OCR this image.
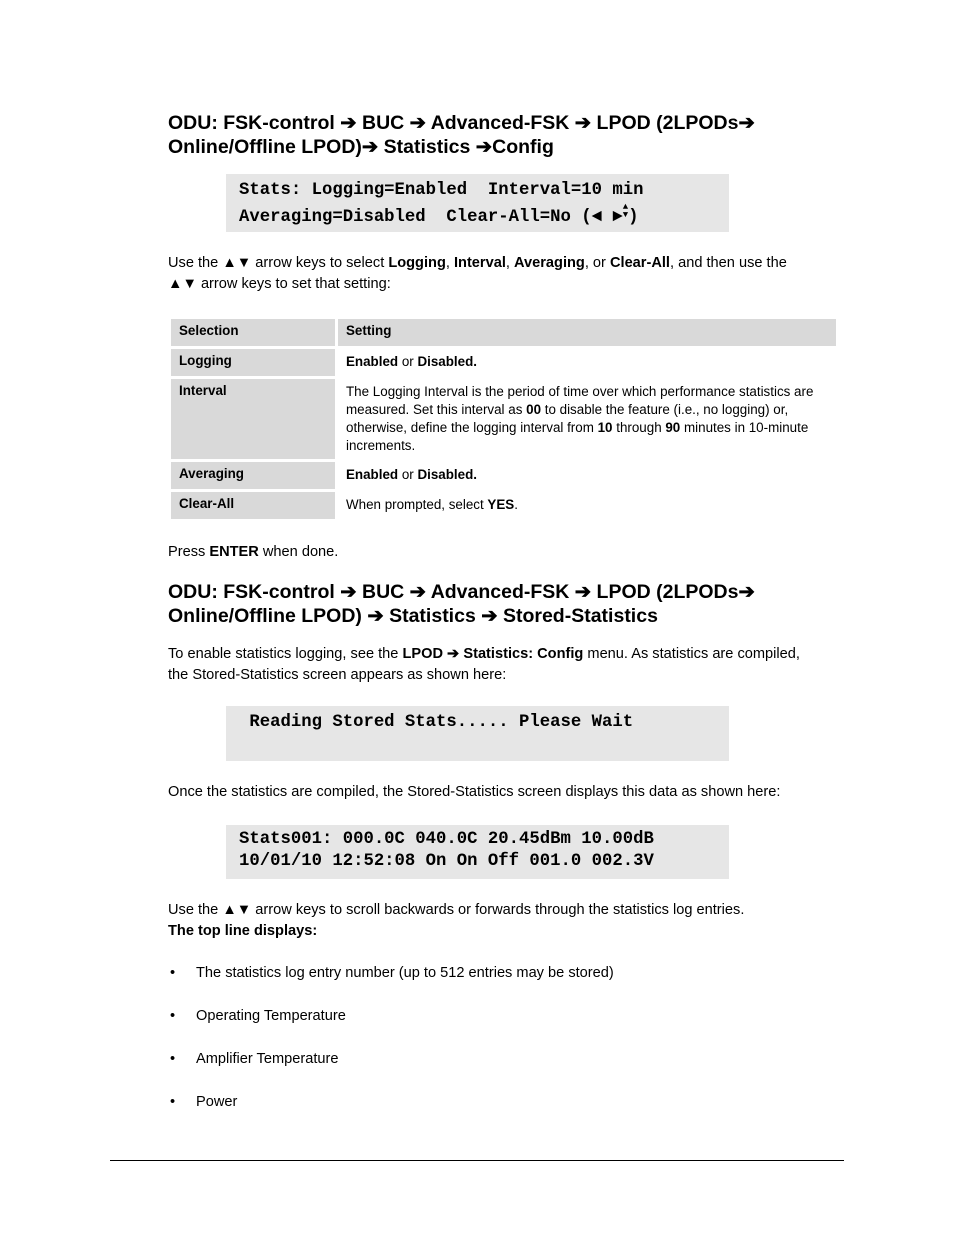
ODU: FSK-control ➔ BUC ➔ Advanced-FSK ➔ LPOD (2LPODs➔
Online/Offline LPOD)➔ Statistics ➔Config
Stats: Logging=Enabled  Interval=10 min
Averaging=Disabled  Clear-All=No (◄ ►
▲
▼ )
Use the ▲▼ arrow keys to select Logging, Interval, Averaging, or Clear-All, and then use the
▲▼ arrow keys to set that setting:
Selection	Setting
Logging	Enabled or Disabled.
Interval	The Logging Interval is the period of time over which performance statistics are measured. Set this interval as 00 to disable the feature (i.e., no logging) or, otherwise, define the logging interval from 10 through 90 minutes in 10-minute increments.
Averaging	Enabled or Disabled.
Clear-All	When prompted, select YES.
Press ENTER when done.
ODU: FSK-control ➔ BUC ➔ Advanced-FSK ➔ LPOD (2LPODs➔
Online/Offline LPOD) ➔ Statistics ➔ Stored-Statistics
To enable statistics logging, see the LPOD ➔ Statistics: Config menu. As statistics are compiled,
the Stored-Statistics screen appears as shown here:
Reading Stored Stats..... Please Wait
Once the statistics are compiled, the Stored-Statistics screen displays this data as shown here:
Stats001: 000.0C 040.0C 20.45dBm 10.00dB
10/01/10 12:52:08 On On Off 001.0 002.3V
Use the ▲▼ arrow keys to scroll backwards or forwards through the statistics log entries.
The top line displays:
• The statistics log entry number (up to 512 entries may be stored)
• Operating Temperature
• Amplifier Temperature
• Power
